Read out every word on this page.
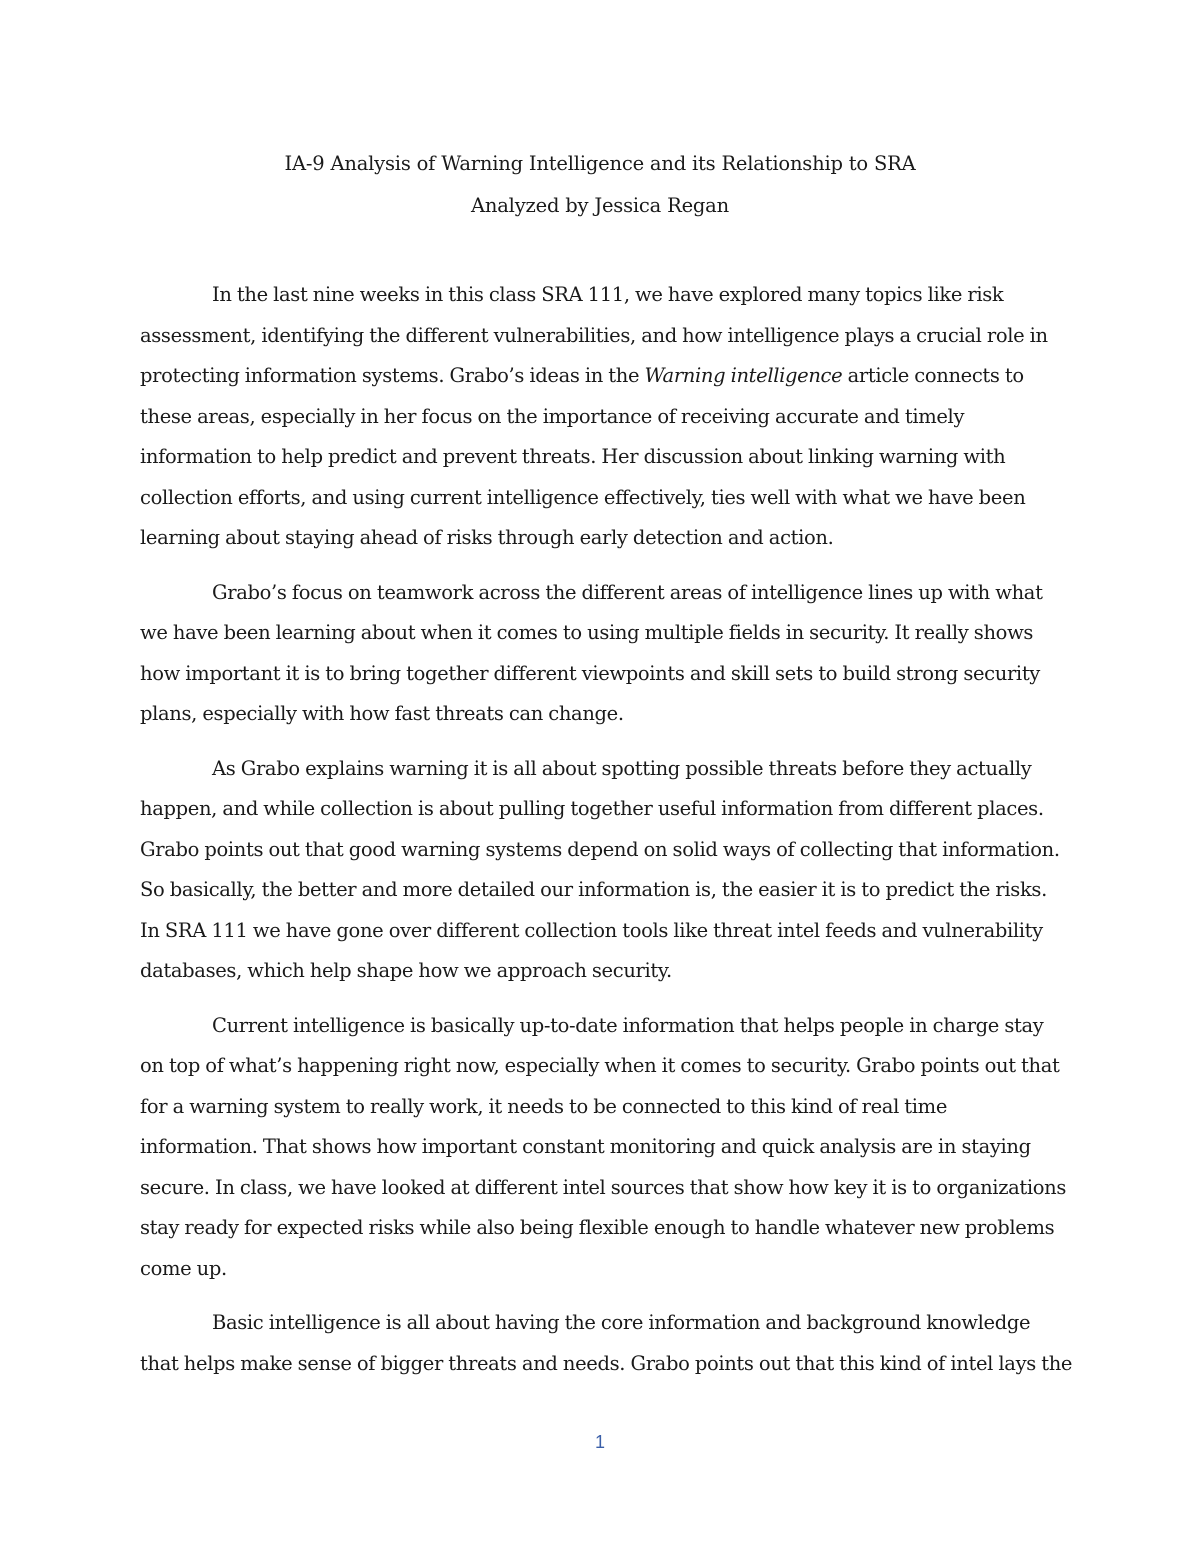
IA-9 Analysis of Warning Intelligence and its Relationship to SRA
Analyzed by Jessica Regan
In the last nine weeks in this class SRA 111, we have explored many topics like risk
assessment, identifying the different vulnerabilities, and how intelligence plays a crucial role in
protecting information systems. Grabo’s ideas in the Warning intelligence article connects to
these areas, especially in her focus on the importance of receiving accurate and timely
information to help predict and prevent threats. Her discussion about linking warning with
collection efforts, and using current intelligence effectively, ties well with what we have been
learning about staying ahead of risks through early detection and action.
Grabo’s focus on teamwork across the different areas of intelligence lines up with what
we have been learning about when it comes to using multiple fields in security. It really shows
how important it is to bring together different viewpoints and skill sets to build strong security
plans, especially with how fast threats can change.
As Grabo explains warning it is all about spotting possible threats before they actually
happen, and while collection is about pulling together useful information from different places.
Grabo points out that good warning systems depend on solid ways of collecting that information.
So basically, the better and more detailed our information is, the easier it is to predict the risks.
In SRA 111 we have gone over different collection tools like threat intel feeds and vulnerability
databases, which help shape how we approach security.
Current intelligence is basically up-to-date information that helps people in charge stay
on top of what’s happening right now, especially when it comes to security. Grabo points out that
for a warning system to really work, it needs to be connected to this kind of real time
information. That shows how important constant monitoring and quick analysis are in staying
secure. In class, we have looked at different intel sources that show how key it is to organizations
stay ready for expected risks while also being flexible enough to handle whatever new problems
come up.
Basic intelligence is all about having the core information and background knowledge
that helps make sense of bigger threats and needs. Grabo points out that this kind of intel lays the
1
